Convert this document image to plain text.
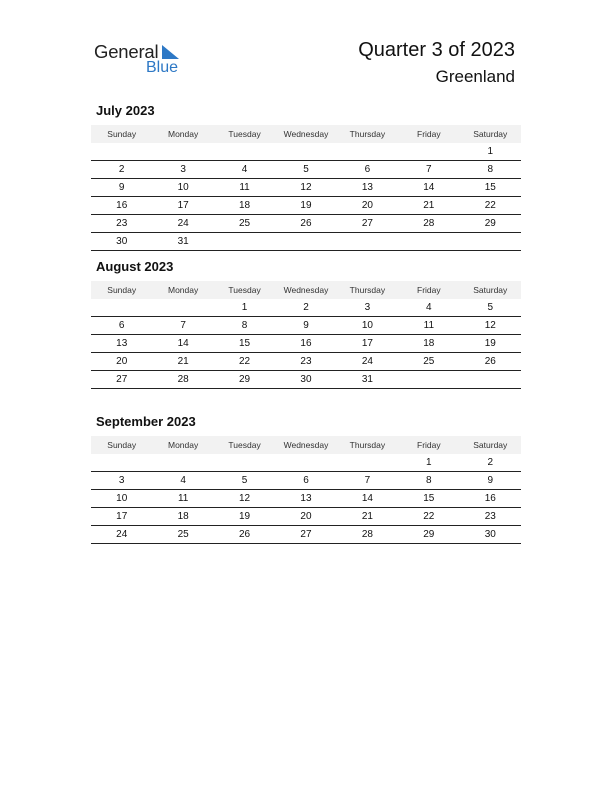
General
Blue
Quarter 3 of 2023
Greenland
July 2023
Sunday	Monday	Tuesday	Wednesday	Thursday	Friday	Saturday
						1
2	3	4	5	6	7	8
9	10	11	12	13	14	15
16	17	18	19	20	21	22
23	24	25	26	27	28	29
30	31					
August 2023
Sunday	Monday	Tuesday	Wednesday	Thursday	Friday	Saturday
		1	2	3	4	5
6	7	8	9	10	11	12
13	14	15	16	17	18	19
20	21	22	23	24	25	26
27	28	29	30	31		
September 2023
Sunday	Monday	Tuesday	Wednesday	Thursday	Friday	Saturday
					1	2
3	4	5	6	7	8	9
10	11	12	13	14	15	16
17	18	19	20	21	22	23
24	25	26	27	28	29	30
